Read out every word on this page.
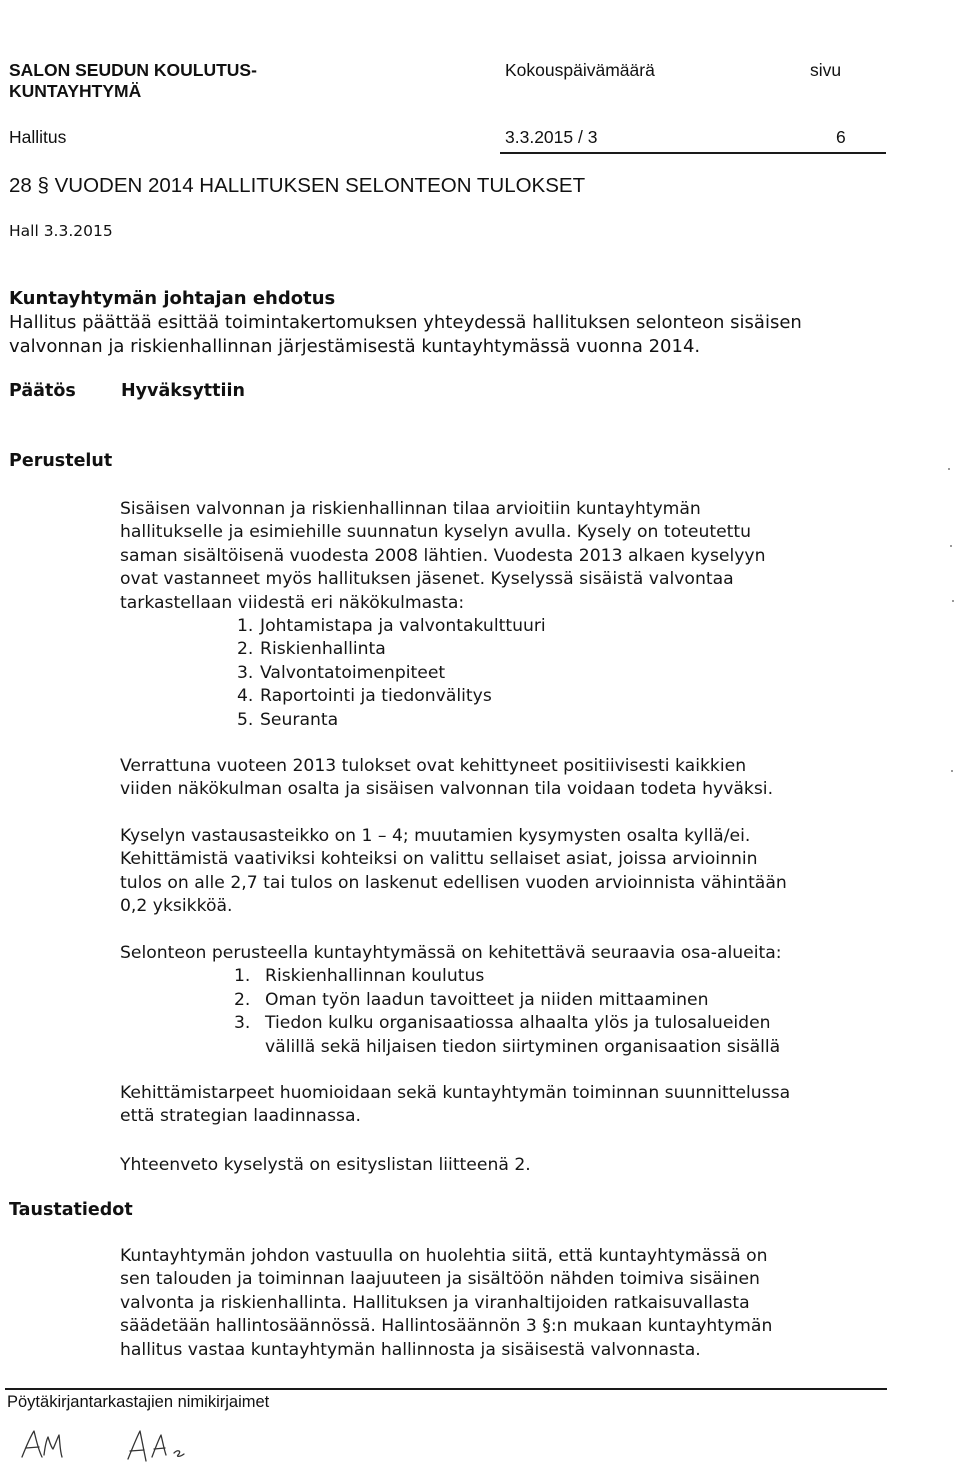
SALON SEUDUN KOULUTUS-
KUNTAYHTYMÄ
Kokouspäivämäärä	sivu
Hallitus	3.3.2015 / 3	6
28 § VUODEN 2014 HALLITUKSEN SELONTEON TULOKSET
Hall 3.3.2015
Kuntayhtymän johtajan ehdotus
Hallitus päättää esittää toimintakertomuksen yhteydessä hallituksen selonteon sisäisen
valvonnan ja riskienhallinnan järjestämisestä kuntayhtymässä vuonna 2014.
Päätös	Hyväksyttiin
Perustelut

Sisäisen valvonnan ja riskienhallinnan tilaa arvioitiin kuntayhtymän

hallitukselle ja esimiehille suunnatun kyselyn avulla. Kysely on toteutettu

saman sisältöisenä vuodesta 2008 lähtien. Vuodesta 2013 alkaen kyselyyn

ovat vastanneet myös hallituksen jäsenet. Kyselyssä sisäistä valvontaa

tarkastellaan viidestä eri näkökulmasta:

1. Johtamistapa ja valvontakulttuuri
2. Riskienhallinta
3. Valvontatoimenpiteet
4. Raportointi ja tiedonvälitys
5. Seuranta

Verrattuna vuoteen 2013 tulokset ovat kehittyneet positiivisesti kaikkien

viiden näkökulman osalta ja sisäisen valvonnan tila voidaan todeta hyväksi.

Kyselyn vastausasteikko on 1 – 4; muutamien kysymysten osalta kyllä/ei.

Kehittämistä vaativiksi kohteiksi on valittu sellaiset asiat, joissa arvioinnin

tulos on alle 2,7 tai tulos on laskenut edellisen vuoden arvioinnista vähintään

0,2 yksikköä.

Selonteon perusteella kuntayhtymässä on kehitettävä seuraavia osa-alueita:

1. Riskienhallinnan koulutus
2. Oman työn laadun tavoitteet ja niiden mittaaminen
3. Tiedon kulku organisaatiossa alhaalta ylös ja tulosalueiden
välillä sekä hiljaisen tiedon siirtyminen organisaation sisällä

Kehittämistarpeet huomioidaan sekä kuntayhtymän toiminnan suunnittelussa

että strategian laadinnassa.

Yhteenveto kyselystä on esityslistan liitteenä 2.

Taustatiedot

Kuntayhtymän johdon vastuulla on huolehtia siitä, että kuntayhtymässä on

sen talouden ja toiminnan laajuuteen ja sisältöön nähden toimiva sisäinen

valvonta ja riskienhallinta. Hallituksen ja viranhaltijoiden ratkaisuvallasta

säädetään hallintosäännössä. Hallintosäännön 3 §:n mukaan kuntayhtymän

hallitus vastaa kuntayhtymän hallinnosta ja sisäisestä valvonnasta.

Pöytäkirjantarkastajien nimikirjaimet
